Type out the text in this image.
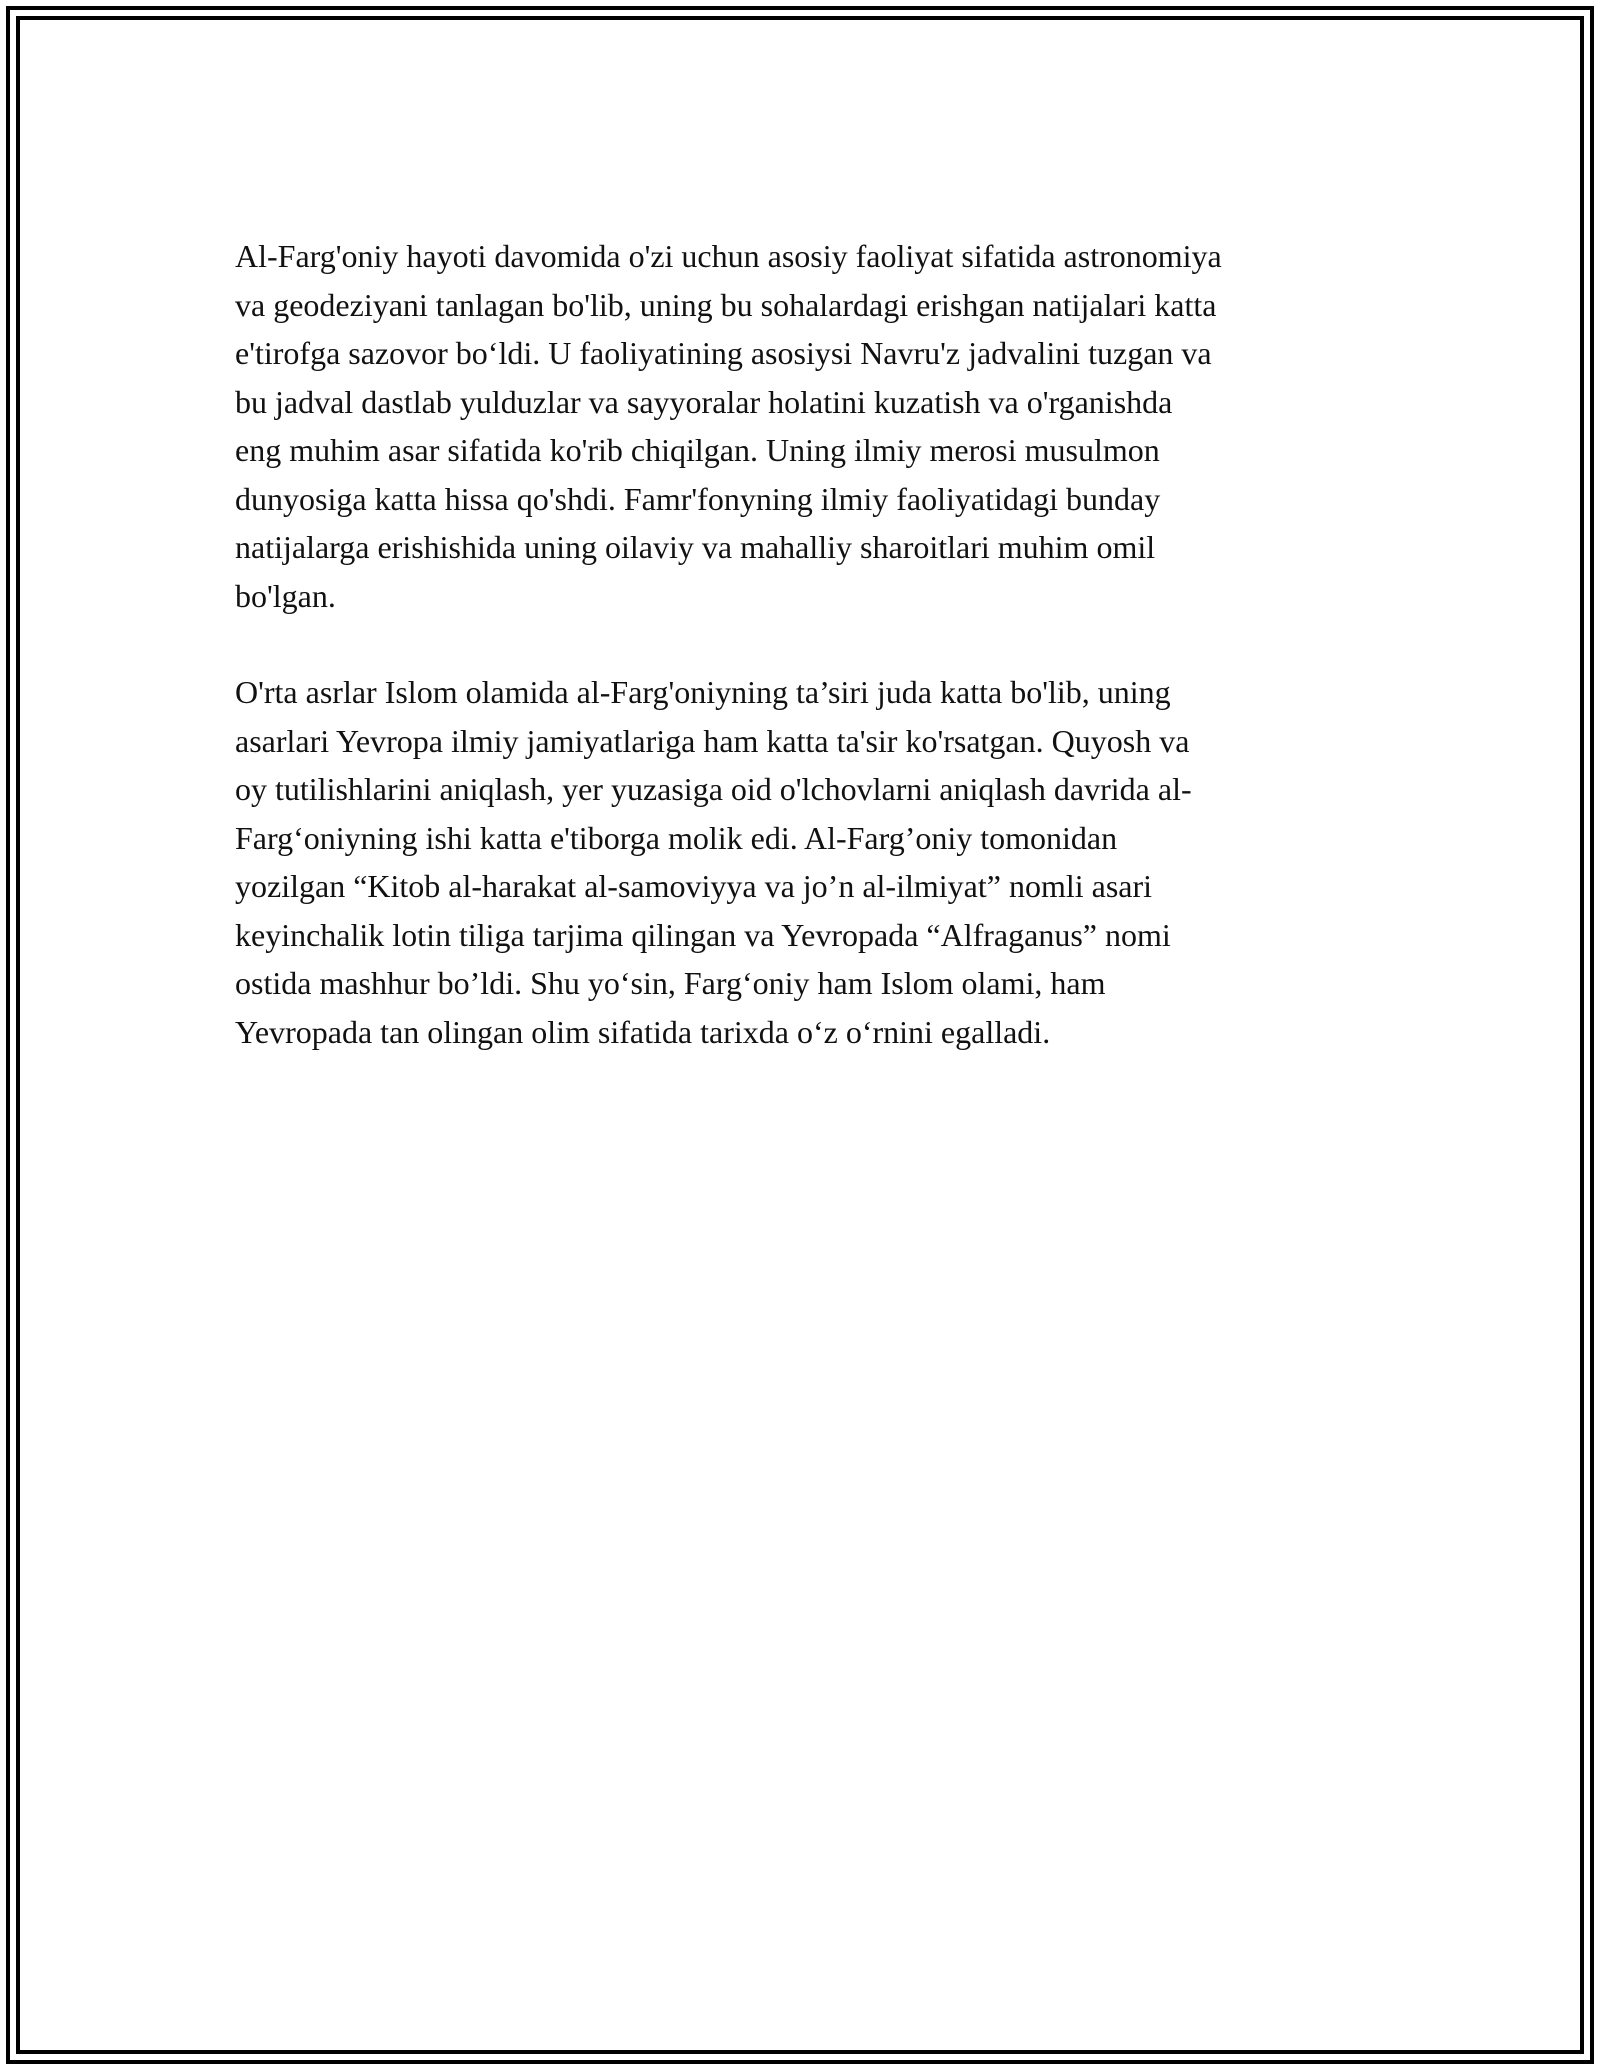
Al-Farg'oniy hayoti davomida o'zi uchun asosiy faoliyat sifatida astronomiya
va geodeziyani tanlagan bo'lib, uning bu sohalardagi erishgan natijalari katta
e'tirofga sazovor bo‘ldi. U faoliyatining asosiysi Navru'z jadvalini tuzgan va
bu jadval dastlab yulduzlar va sayyoralar holatini kuzatish va o'rganishda
eng muhim asar sifatida ko'rib chiqilgan. Uning ilmiy merosi musulmon
dunyosiga katta hissa qo'shdi. Famr'fonyning ilmiy faoliyatidagi bunday
natijalarga erishishida uning oilaviy va mahalliy sharoitlari muhim omil
bo'lgan.

O'rta asrlar Islom olamida al-Farg'oniyning ta’siri juda katta bo'lib, uning
asarlari Yevropa ilmiy jamiyatlariga ham katta ta'sir ko'rsatgan. Quyosh va
oy tutilishlarini aniqlash, yer yuzasiga oid o'lchovlarni aniqlash davrida al-
Farg‘oniyning ishi katta e'tiborga molik edi. Al-Farg’oniy tomonidan
yozilgan “Kitob al-harakat al-samoviyya va jo’n al-ilmiyat” nomli asari
keyinchalik lotin tiliga tarjima qilingan va Yevropada “Alfraganus” nomi
ostida mashhur bo’ldi. Shu yo‘sin, Farg‘oniy ham Islom olami, ham
Yevropada tan olingan olim sifatida tarixda o‘z o‘rnini egalladi.
